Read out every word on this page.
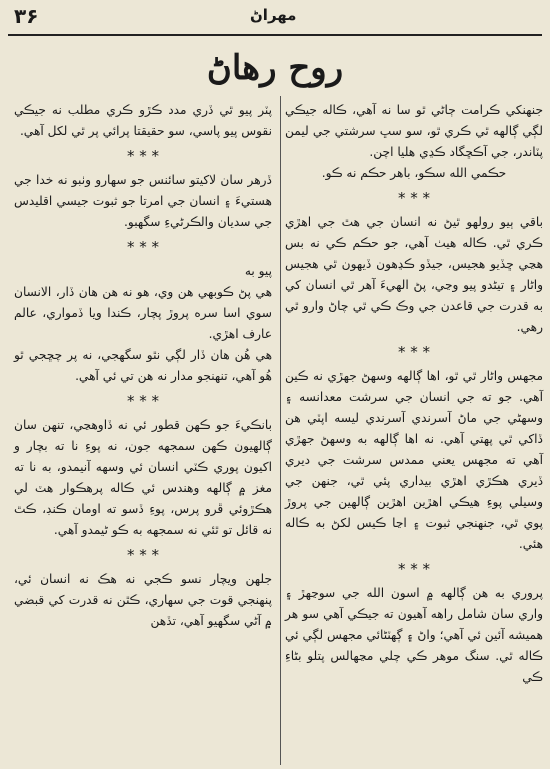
۳۶	مهراڻ
روح رهاڻ
جنهنکي ڪرامت ڄاڻي ٿو سا نه آهي، ڪاله جيڪي لڳي ڳالهه ٿي ڪري ٿو، سو سڀ سرشتي جي ليمن پٽاندر، جي آڪڇگاد ڪڍي هليا اچن.
حڪمي الله سڪو، باهر حڪم نه ڪو.
* * *
باقي ٻيو رولھو ٿيڻ نه انسان جي هٿ جي اهڙي ڪري ٿي. ڪاله هيٺ آهي، جو حڪم ڪي نه بس هڃي ڇڏيو هجيس، جيڏو ڪڍهون ڏيهون ٿي هجيس واڻار ۽ تيڻدو پيو وڃي، پڻ الهيءَ آهر ٿي انسان کي به قدرت جي قاعدن جي وڪ ڪي ٿي چاڻ وارو ٿي رهي.
* * *
مجهس واڻار ٿي ٿو، اها ڳالهه وسهڻ جهڙي نه ڪين آهي. جو ته جي انسان جي سرشت معدانسه ۽ وسهڻي جي ماڻ آسرندي آسرندي ليسه اپٽي هن ڏاکي ٿي پهتي آهي. نه اها ڳالهه به وسهڻ جهڙي آهي ته مجهس يعني ممدس سرشت جي ديري ڏيري هڪڙي اهڙي بيداري پئي ٿي، جنهن جي وسيلي پوءِ هيڪي اهڙين اهڙين ڳالهين جي پروڙ پوي ٿي، جنهنجي ثبوت ۽ اڃا ڪيس لکڻ به ڪاله هئي.
* * *
پروري به هن ڳالهه ۾ اسون الله جي سوڃهڙ ۽ واري سان شامل راهه آهيون ته جيڪي آهي سو هر هميشه آئين ئي آهي؛ واڻ ۽ ڳهٽڻائي مجهس لڳي ئي ڪاله ٿي. سنگ موهر ڪي چلي مڃهالس پتلو بڻاءِ ڪي
پٽر پيو ٿي ڏري مدد ڪڙو ڪري مطلب نه جيڪي نقوس پيو پاسي، سو حقيقتا پرائي پر ٿي لکل آهي.
* * *
ڏرهر سان لاکيتو سائنس جو سهارو وٺبو نه خدا جي هستيءَ ۽ انسان جي امرتا جو ثبوت جيسي اقليدس جي سديان والڪرڻيءِ سگهبو.
* * *
پيو به
هي پڻ ڪوبهي هن وي، هو نه هن هان ڏار، الانسان سوي اسا سره پروڙ پچار، ڪندا ويا ڏمواري، عالم عارف اهڙي.
هي هُن هان ڏار لڳي نٿو سگهجي، نه پر چڇجي ٿو هُو آهي، تنهنجو مدار نه هن تي ئي آهي.
* * *
بانڪيءَ جو ڪهن قطور ئي نه ڏاوهڃي، تنهن سان ڳالهيون ڪهن سمجهه جون، نه پوءِ نا ته بچار و اکيون پوري ڪٽي انسان ئي وسهه آنيمدو، به نا ته مغز ۾ ڳالهه وهندس ئي ڪاله پرهڪوار هٽ لي هڪڙوئي ڦرو پرس، پوءِ ڏسو ته اومان ڪنڊ، ڪٿ نه قائل تو ٿئي نه سمجهه به ڪو ڻيمدو آهي.
* * *
جلهن ويچار نسو ڪجي نه هڪ نه انسان ئي، پنهنجي قوت جي سهاري، ڪٿن نه قدرت کي قبضي ۾ آڻي سگهيو آهي، تڏهن
